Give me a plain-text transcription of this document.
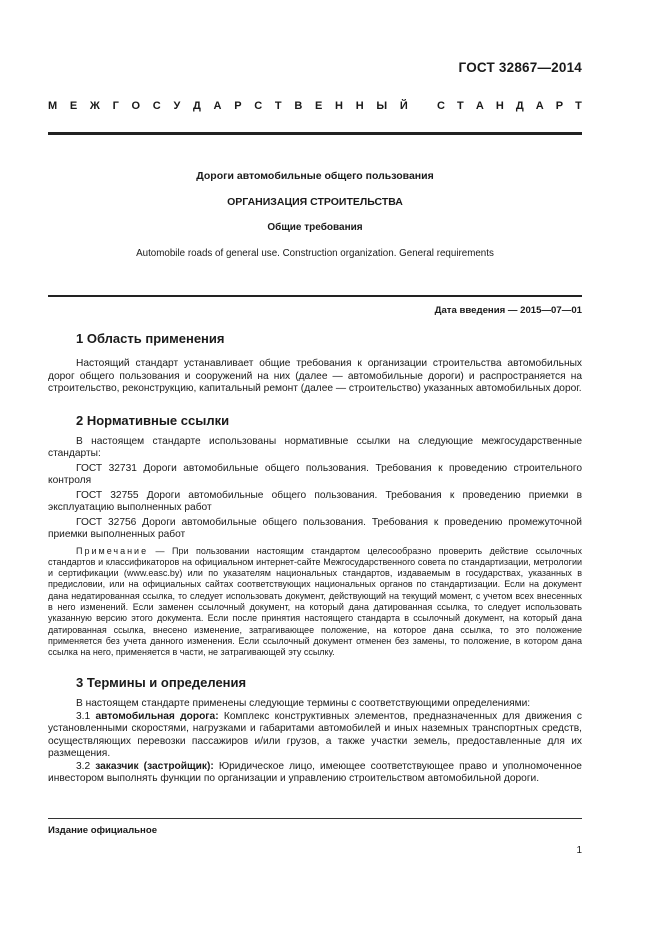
ГОСТ 32867—2014
М Е Ж Г О С У Д А Р С Т В Е Н Н Ы Й	С Т А Н Д А Р Т
Дороги автомобильные общего пользования
ОРГАНИЗАЦИЯ СТРОИТЕЛЬСТВА
Общие требования
Automobile roads of general use. Construction organization. General requirements
Дата введения — 2015—07—01
1 Область применения

Настоящий стандарт устанавливает общие требования к организации строительства автомобильных дорог общего пользования и сооружений на них (далее — автомобильные дороги) и распространяется на строительство, реконструкцию, капитальный ремонт (далее — строительство) указанных автомобильных дорог.

2 Нормативные ссылки

В настоящем стандарте использованы нормативные ссылки на следующие межгосударственные стандарты:

ГОСТ 32731 Дороги автомобильные общего пользования. Требования к проведению строительного контроля

ГОСТ 32755 Дороги автомобильные общего пользования. Требования к проведению приемки в эксплуатацию выполненных работ

ГОСТ 32756 Дороги автомобильные общего пользования. Требования к проведению промежуточной приемки выполненных работ

Примечание — При пользовании настоящим стандартом целесообразно проверить действие ссылочных стандартов и классификаторов на официальном интернет-сайте Межгосударственного совета по стандартизации, метрологии и сертификации (www.easc.by) или по указателям национальных стандартов, издаваемым в государствах, указанных в предисловии, или на официальных сайтах соответствующих национальных органов по стандартизации. Если на документ дана недатированная ссылка, то следует использовать документ, действующий на текущий момент, с учетом всех внесенных в него изменений. Если заменен ссылочный документ, на который дана датированная ссылка, то следует использовать указанную версию этого документа. Если после принятия настоящего стандарта в ссылочный документ, на который дана датированная ссылка, внесено изменение, затрагивающее положение, на которое дана ссылка, то это положение применяется без учета данного изменения. Если ссылочный документ отменен без замены, то положение, в котором дана ссылка на него, применяется в части, не затрагивающей эту ссылку.

3 Термины и определения

В настоящем стандарте применены следующие термины с соответствующими определениями:

3.1 автомобильная дорога: Комплекс конструктивных элементов, предназначенных для движения с установленными скоростями, нагрузками и габаритами автомобилей и иных наземных транспортных средств, осуществляющих перевозки пассажиров и/или грузов, а также участки земель, предоставленные для их размещения.

3.2 заказчик (застройщик): Юридическое лицо, имеющее соответствующее право и уполномоченное инвестором выполнять функции по организации и управлению строительством автомобильной дороги.

Издание официальное
1
